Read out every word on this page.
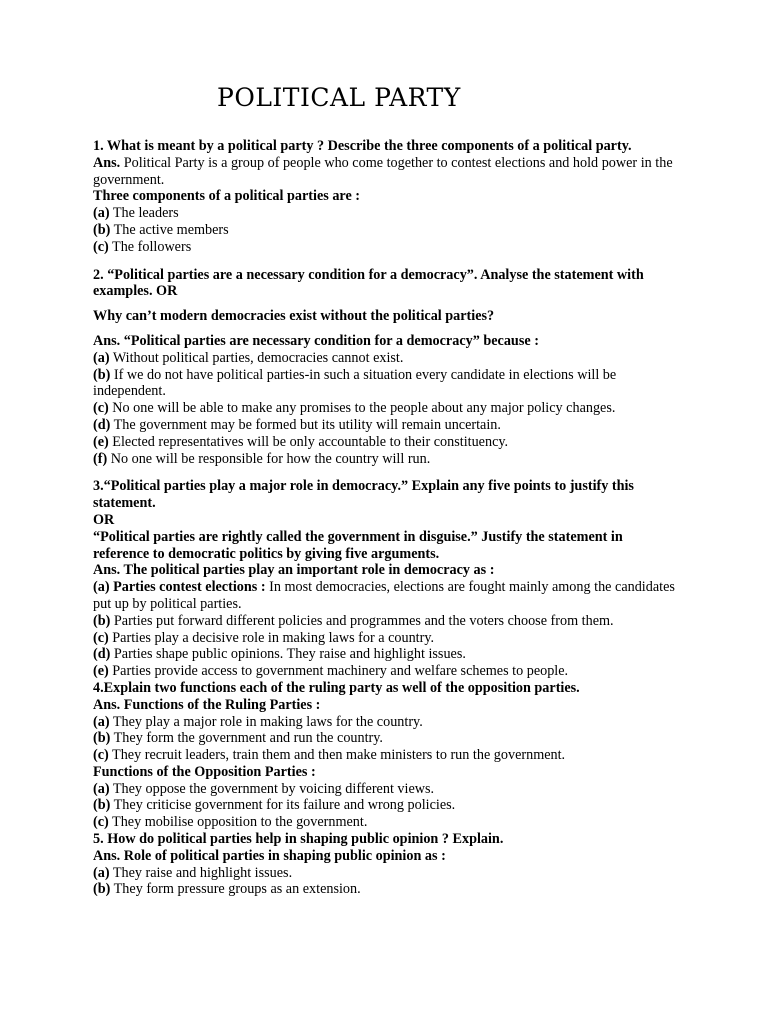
POLITICAL PARTY

1. What is meant by a political party ? Describe the three components of a political party.

Ans. Political Party is a group of people who come together to contest elections and hold power in the government.

Three components of a political parties are :

(a) The leaders

(b) The active members

(c) The followers

2. “Political parties are a necessary condition for a democracy”. Analyse the statement with examples. OR

Why can’t modern democracies exist without the political parties?

Ans. “Political parties are necessary condition for a democracy” because :

(a) Without political parties, democracies cannot exist.

(b) If we do not have political parties-in such a situation every candidate in elections will be independent.

(c) No one will be able to make any promises to the people about any major policy changes.

(d) The government may be formed but its utility will remain uncertain.

(e) Elected representatives will be only accountable to their constituency.

(f) No one will be responsible for how the country will run.

3.“Political parties play a major role in democracy.” Explain any five points to justify this statement.

OR

“Political parties are rightly called the government in disguise.” Justify the statement in reference to democratic politics by giving five arguments.

Ans. The political parties play an important role in democracy as :

(a) Parties contest elections : In most democracies, elections are fought mainly among the candidates put up by political parties.

(b) Parties put forward different policies and programmes and the voters choose from them.

(c) Parties play a decisive role in making laws for a country.

(d) Parties shape public opinions. They raise and highlight issues.

(e) Parties provide access to government machinery and welfare schemes to people.

4.Explain two functions each of the ruling party as well of the opposition parties.

Ans. Functions of the Ruling Parties :

(a) They play a major role in making laws for the country.

(b) They form the government and run the country.

(c) They recruit leaders, train them and then make ministers to run the government.

Functions of the Opposition Parties :

(a) They oppose the government by voicing different views.

(b) They criticise government for its failure and wrong policies.

(c) They mobilise opposition to the government.

5. How do political parties help in shaping public opinion ? Explain.

Ans. Role of political parties in shaping public opinion as :

(a) They raise and highlight issues.

(b) They form pressure groups as an extension.
